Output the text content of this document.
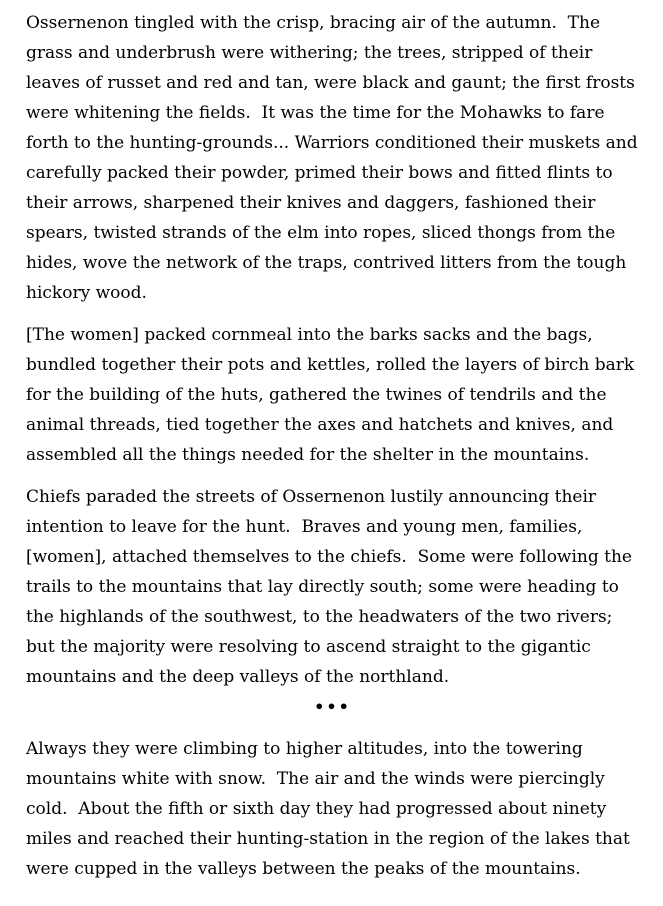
Ossernenon tingled with the crisp, bracing air of the autumn.  The grass and underbrush were withering; the trees, stripped of their leaves of russet and red and tan, were black and gaunt; the first frosts were whitening the fields.  It was the time for the Mohawks to fare forth to the hunting-grounds... Warriors conditioned their muskets and carefully packed their powder, primed their bows and fitted flints to their arrows, sharpened their knives and daggers, fashioned their spears, twisted strands of the elm into ropes, sliced thongs from the hides, wove the network of the traps, contrived litters from the tough hickory wood.

[The women] packed cornmeal into the barks sacks and the bags, bundled together their pots and kettles, rolled the layers of birch bark for the building of the huts, gathered the twines of tendrils and the animal threads, tied together the axes and hatchets and knives, and assembled all the things needed for the shelter in the mountains.

Chiefs paraded the streets of Ossernenon lustily announcing their intention to leave for the hunt.  Braves and young men, families, [women], attached themselves to the chiefs.  Some were following the trails to the mountains that lay directly south; some were heading to the highlands of the southwest, to the headwaters of the two rivers; but the majority were resolving to ascend straight to the gigantic mountains and the deep valleys of the northland.

•••

Always they were climbing to higher altitudes, into the towering mountains white with snow.  The air and the winds were piercingly cold.  About the fifth or sixth day they had progressed about ninety miles and reached their hunting-station in the region of the lakes that were cupped in the valleys between the peaks of the mountains.
